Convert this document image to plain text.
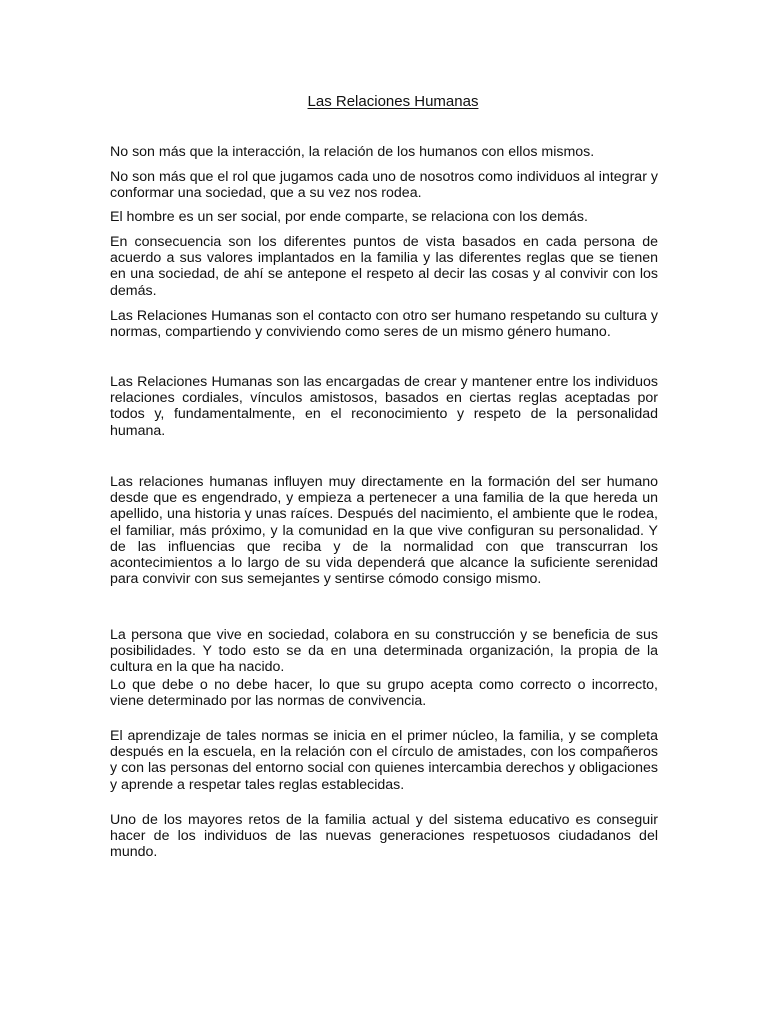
Las Relaciones Humanas

No son más que la interacción, la relación de los humanos con ellos mismos.

No son más que el rol que jugamos cada uno de nosotros como individuos al integrar y conformar una sociedad, que a su vez nos rodea.

El hombre es un ser social, por ende comparte, se relaciona con los demás.

En consecuencia son los diferentes puntos de vista basados en cada persona de acuerdo a sus valores implantados en la familia y las diferentes reglas que se tienen en una sociedad, de ahí se antepone el respeto al decir las cosas y al convivir con los demás.

Las Relaciones Humanas son el contacto con otro ser humano respetando su cultura y normas, compartiendo y conviviendo como seres de un mismo género humano.

Las Relaciones Humanas son las encargadas de crear y mantener entre los individuos relaciones cordiales, vínculos amistosos, basados en ciertas reglas aceptadas por todos y, fundamentalmente, en el reconocimiento y respeto de la personalidad humana.

Las relaciones humanas influyen muy directamente en la formación del ser humano desde que es engendrado, y empieza a pertenecer a una familia de la que hereda un apellido, una historia y unas raíces. Después del nacimiento, el ambiente que le rodea, el familiar, más próximo, y la comunidad en la que vive configuran su personalidad. Y de las influencias que reciba y de la normalidad con que transcurran los acontecimientos a lo largo de su vida dependerá que alcance la suficiente serenidad para convivir con sus semejantes y sentirse cómodo consigo mismo.

La persona que vive en sociedad, colabora en su construcción y se beneficia de sus posibilidades. Y todo esto se da en una determinada organización, la propia de la cultura en la que ha nacido.

Lo que debe o no debe hacer, lo que su grupo acepta como correcto o incorrecto, viene determinado por las normas de convivencia.

El aprendizaje de tales normas se inicia en el primer núcleo, la familia, y se completa después en la escuela, en la relación con el círculo de amistades, con los compañeros y con las personas del entorno social con quienes intercambia derechos y obligaciones y aprende a respetar tales reglas establecidas.

Uno de los mayores retos de la familia actual y del sistema educativo es conseguir hacer de los individuos de las nuevas generaciones respetuosos ciudadanos del mundo.
